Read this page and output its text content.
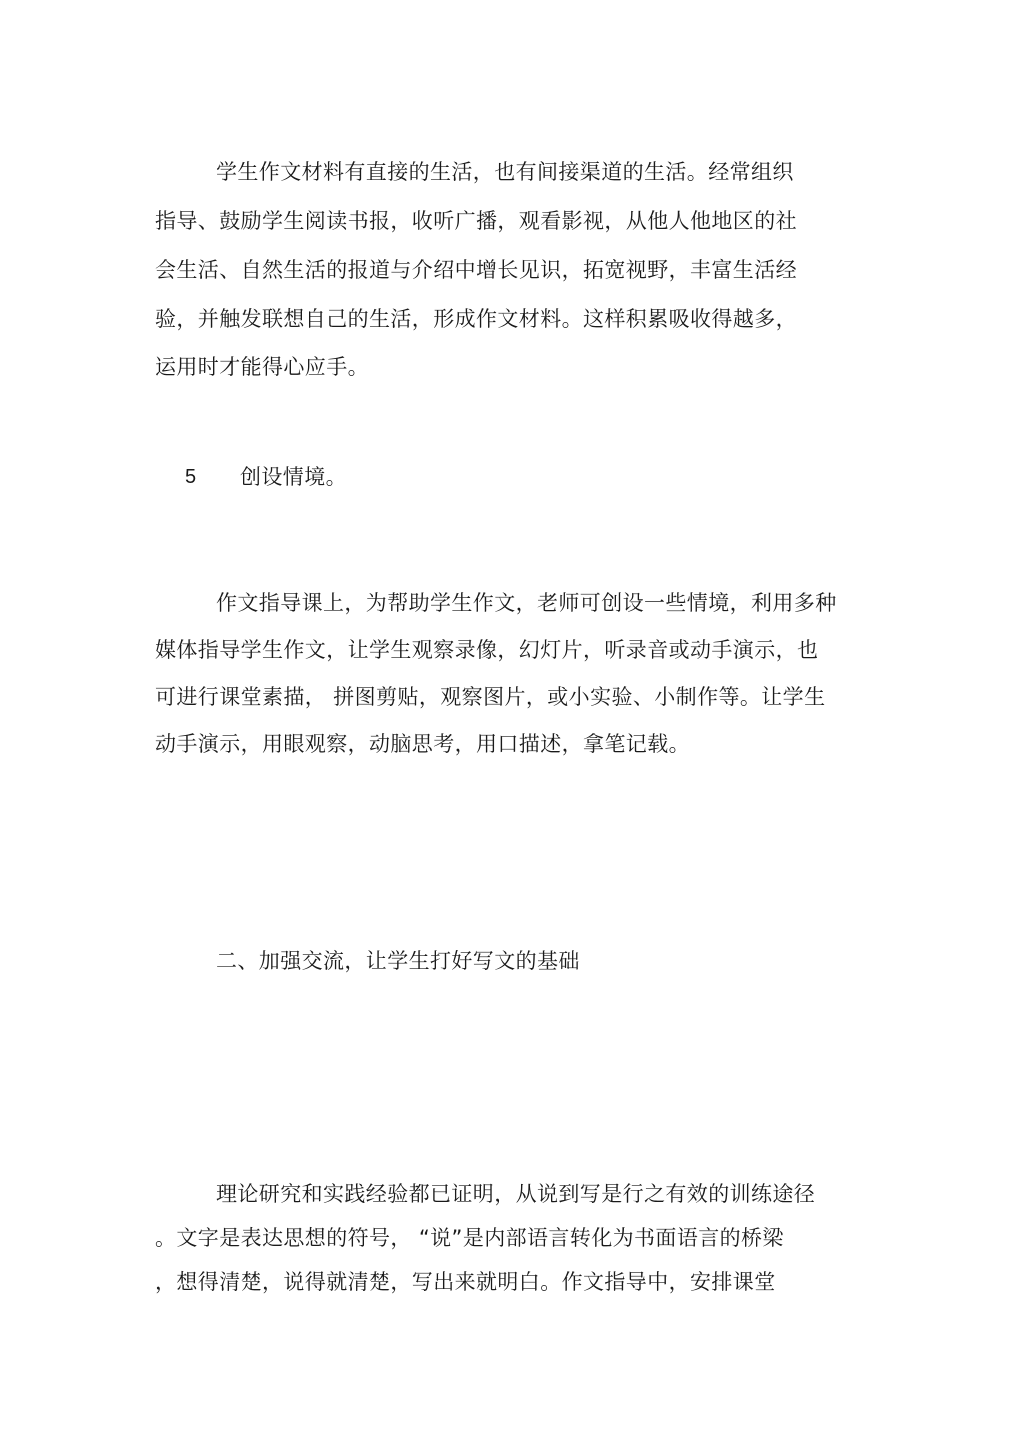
学生作文材料有直接的生活，也有间接渠道的生活。经常组织
指导、鼓励学生阅读书报，收听广播，观看影视，从他人他地区的社
会生活、自然生活的报道与介绍中增长见识，拓宽视野，丰富生活经
验，并触发联想自己的生活，形成作文材料。这样积累吸收得越多，
运用时才能得心应手。
5 创设情境。
作文指导课上，为帮助学生作文，老师可创设一些情境，利用多种
媒体指导学生作文，让学生观察录像，幻灯片，听录音或动手演示，也
可进行课堂素描， 拼图剪贴，观察图片，或小实验、小制作等。让学生
动手演示，用眼观察，动脑思考，用口描述，拿笔记载。
二、加强交流，让学生打好写文的基础
理论研究和实践经验都已证明，从说到写是行之有效的训练途径
。文字是表达思想的符号， “说”是内部语言转化为书面语言的桥梁
，想得清楚，说得就清楚，写出来就明白。作文指导中，安排课堂
